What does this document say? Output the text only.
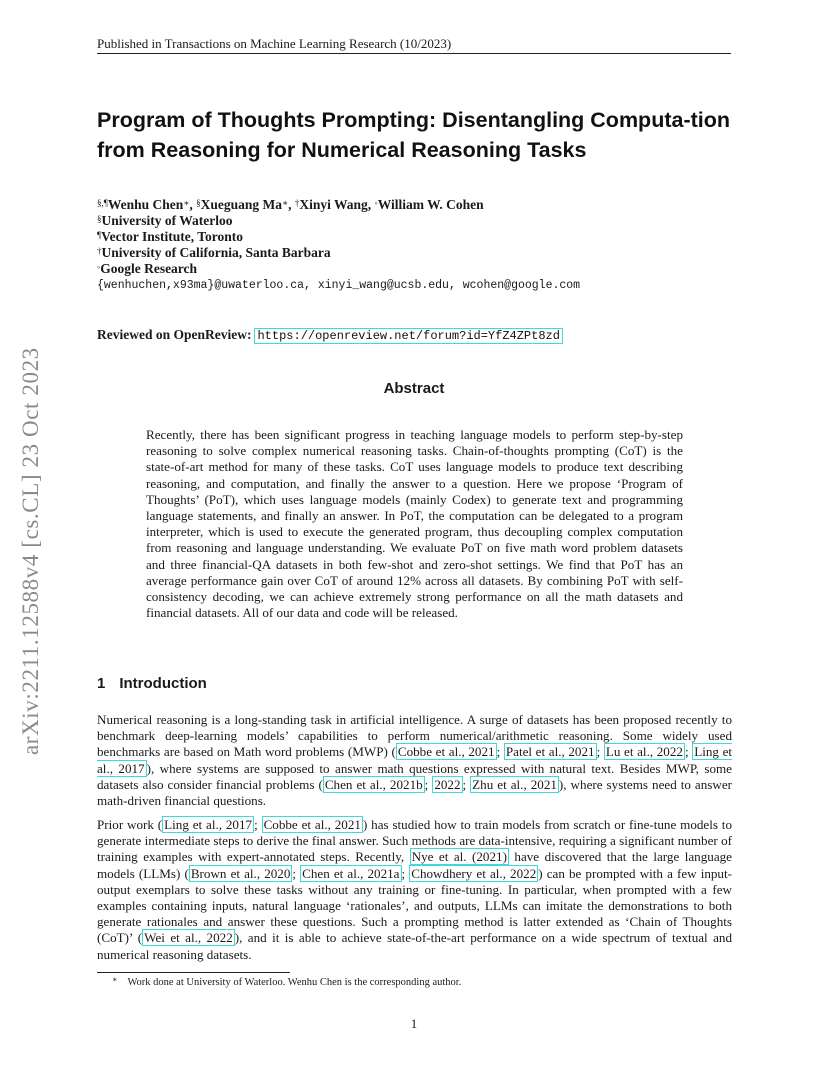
Published in Transactions on Machine Learning Research (10/2023)
arXiv:2211.12588v4 [cs.CL] 23 Oct 2023
Program of Thoughts Prompting: Disentangling Computa-tion from Reasoning for Numerical Reasoning Tasks
§,¶Wenhu Chen∗, §Xueguang Ma∗, †Xinyi Wang, ◦William W. Cohen
§University of Waterloo
¶Vector Institute, Toronto
†University of California, Santa Barbara
◦Google Research
{wenhuchen,x93ma}@uwaterloo.ca, xinyi_wang@ucsb.edu, wcohen@google.com
Reviewed on OpenReview: https://openreview.net/forum?id=YfZ4ZPt8zd
Abstract
Recently, there has been significant progress in teaching language models to perform step-by-step reasoning to solve complex numerical reasoning tasks. Chain-of-thoughts prompting (CoT) is the state-of-art method for many of these tasks. CoT uses language models to produce text describing reasoning, and computation, and finally the answer to a question. Here we propose ‘Program of Thoughts’ (PoT), which uses language models (mainly Codex) to generate text and programming language statements, and finally an answer. In PoT, the computation can be delegated to a program interpreter, which is used to execute the generated program, thus decoupling complex computation from reasoning and language understanding. We evaluate PoT on five math word problem datasets and three financial-QA datasets in both few-shot and zero-shot settings. We find that PoT has an average performance gain over CoT of around 12% across all datasets. By combining PoT with self-consistency decoding, we can achieve extremely strong performance on all the math datasets and financial datasets. All of our data and code will be released.
1 Introduction
Numerical reasoning is a long-standing task in artificial intelligence. A surge of datasets has been proposed recently to benchmark deep-learning models’ capabilities to perform numerical/arithmetic reasoning. Some widely used benchmarks are based on Math word problems (MWP) ( Cobbe et al., 2021 ; Patel et al., 2021 ; Lu et al., 2022 ; Ling et al., 2017 ), where systems are supposed to answer math questions expressed with natural text. Besides MWP, some datasets also consider financial problems ( Chen et al., 2021b ; 2022 ; Zhu et al., 2021 ), where systems need to answer math-driven financial questions.
Prior work ( Ling et al., 2017 ; Cobbe et al., 2021 ) has studied how to train models from scratch or fine-tune models to generate intermediate steps to derive the final answer. Such methods are data-intensive, requiring a significant number of training examples with expert-annotated steps. Recently, Nye et al. (2021) have discovered that the large language models (LLMs) ( Brown et al., 2020 ; Chen et al., 2021a ; Chowdhery et al., 2022 ) can be prompted with a few input-output exemplars to solve these tasks without any training or fine-tuning. In particular, when prompted with a few examples containing inputs, natural language ‘rationales’, and outputs, LLMs can imitate the demonstrations to both generate rationales and answer these questions. Such a prompting method is latter extended as ‘Chain of Thoughts (CoT)’ ( Wei et al., 2022 ), and it is able to achieve state-of-the-art performance on a wide spectrum of textual and numerical reasoning datasets.
∗ Work done at University of Waterloo. Wenhu Chen is the corresponding author.
1
